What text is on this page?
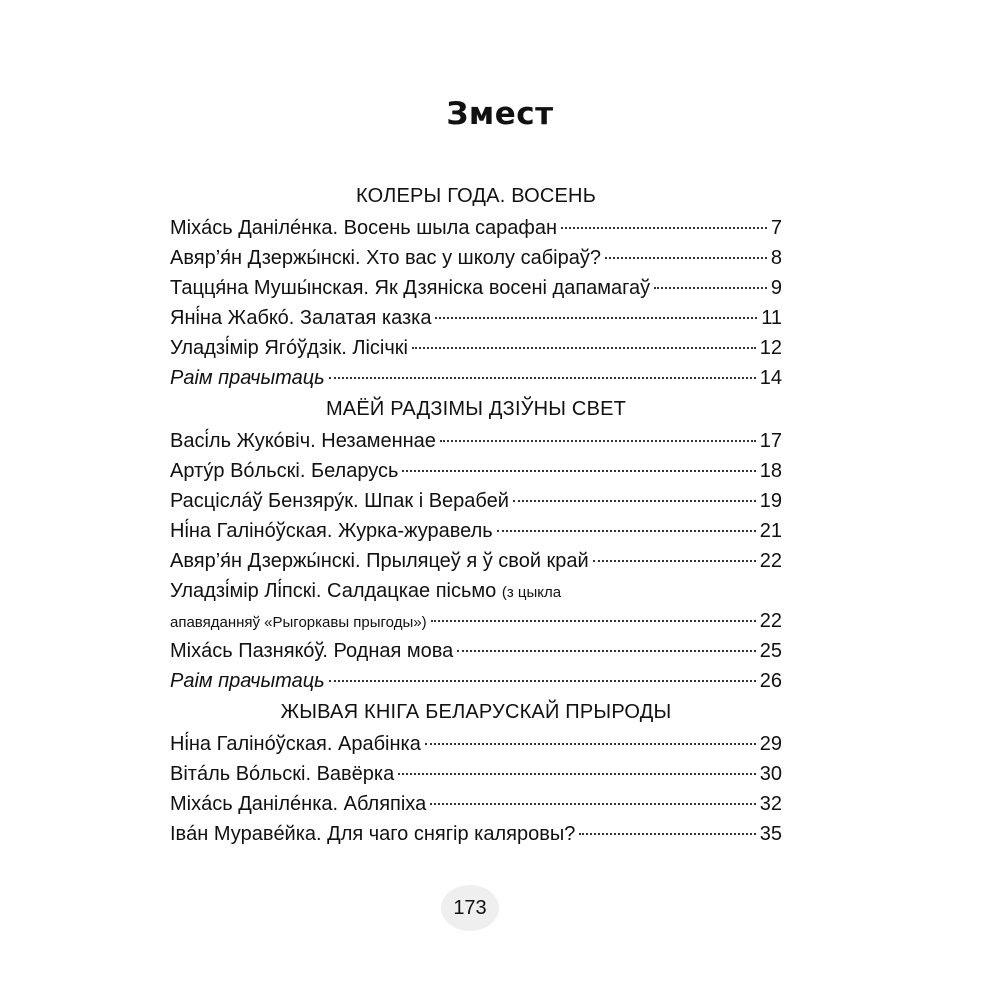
Змест
КОЛЕРЫ ГОДА. ВОСЕНЬ
Міхáсь Данілéнка. Восень шыла сарафан	7
Авяр’я́н Дзержы́нскі. Хто вас у школу сабіраў?	8
Тацця́на Мушы́нская. Як Дзяніска восені дапамагаў	9
Яні́на Жабкó. Залатая казка	11
Уладзі́мір Ягóўдзік. Лісічкі	12
Раім прачытаць	14
МАЁЙ РАДЗІМЫ ДЗІЎНЫ СВЕТ
Васі́ль Жукóвіч. Незаменнае	17
Арту́р Вóльскі. Беларусь	18
Расціслáў Бензяру́к. Шпак і Верабей	19
Ні́на Галінóўская. Журка-журавель	21
Авяр’я́н Дзержы́нскі. Прыляцеў я ў свой край	22
Уладзі́мір Лі́пскі. Салдацкае пісьмо
(з цыкла
апавяданняў «Рыгоркавы прыгоды»)	22
Міхáсь Пазнякóў. Родная мова	25
Раім прачытаць	26
ЖЫВАЯ КНІГА БЕЛАРУСКАЙ ПРЫРОДЫ
Ні́на Галінóўская. Арабінка	29
Вітáль Вóльскі. Вавёрка	30
Міхáсь Данілéнка. Абляпіха	32
Івáн Муравéйка. Для чаго снягір каляровы?	35
173
